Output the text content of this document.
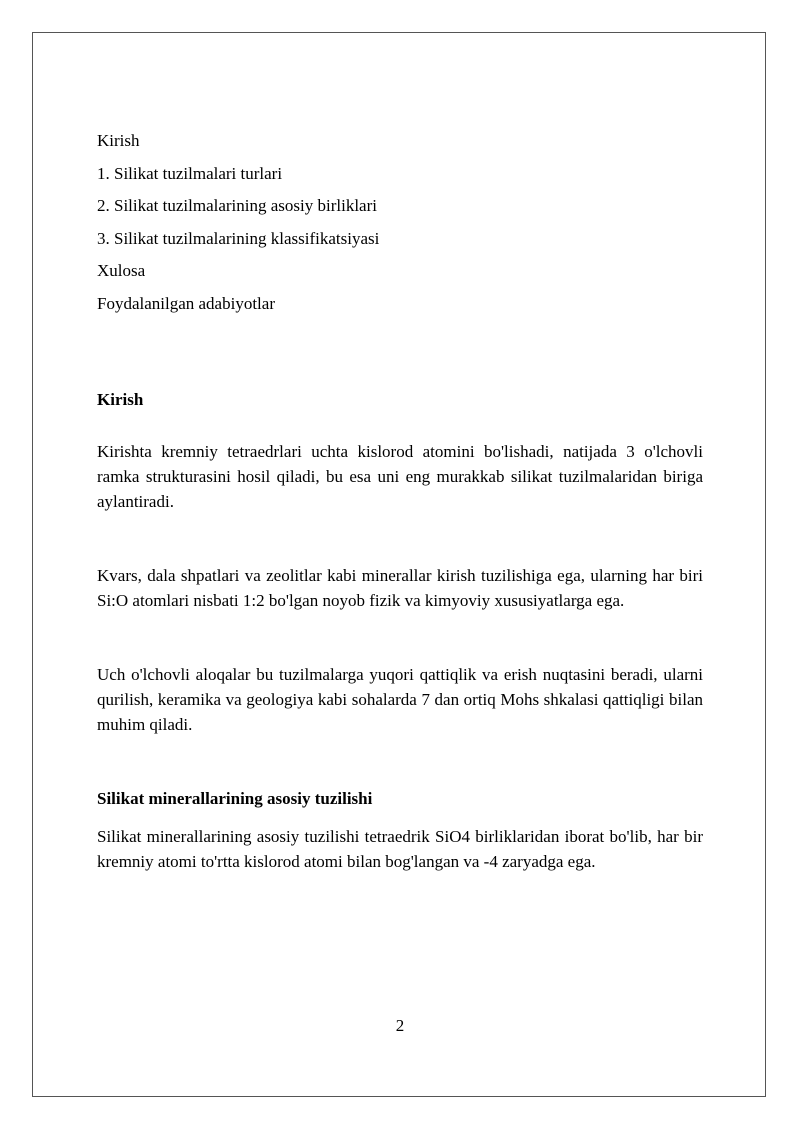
Kirish
1. Silikat tuzilmalari turlari
2. Silikat tuzilmalarining asosiy birliklari
3. Silikat tuzilmalarining klassifikatsiyasi
Xulosa
Foydalanilgan adabiyotlar

Kirish

Kirishta kremniy tetraedrlari uchta kislorod atomini bo'lishadi, natijada 3 o'lchovli ramka strukturasini hosil qiladi, bu esa uni eng murakkab silikat tuzilmalaridan biriga aylantiradi.

Kvars, dala shpatlari va zeolitlar kabi minerallar kirish tuzilishiga ega, ularning har biri Si:O atomlari nisbati 1:2 bo'lgan noyob fizik va kimyoviy xususiyatlarga ega.

Uch o'lchovli aloqalar bu tuzilmalarga yuqori qattiqlik va erish nuqtasini beradi, ularni qurilish, keramika va geologiya kabi sohalarda 7 dan ortiq Mohs shkalasi qattiqligi bilan muhim qiladi.

Silikat minerallarining asosiy tuzilishi

Silikat minerallarining asosiy tuzilishi tetraedrik SiO4 birliklaridan iborat bo'lib, har bir kremniy atomi to'rtta kislorod atomi bilan bog'langan va -4 zaryadga ega.

2
